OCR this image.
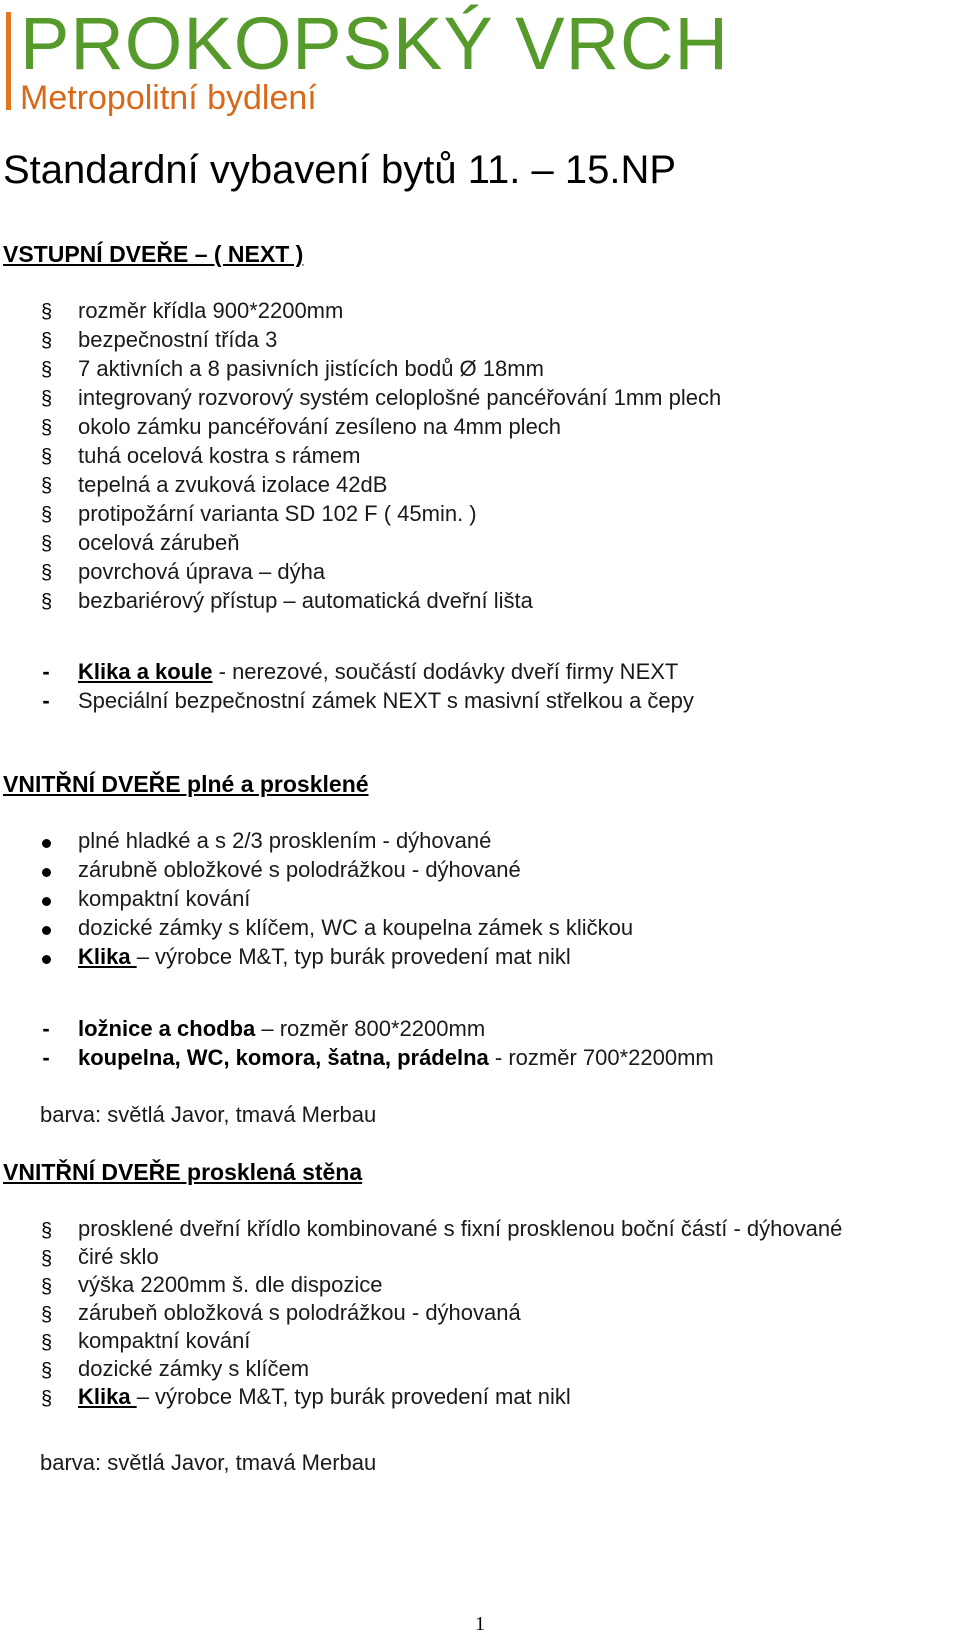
PROKOPSKÝ VRCH
Metropolitní bydlení
Standardní vybavení bytů 11. – 15.NP
VSTUPNÍ DVEŘE – ( NEXT )
§ rozměr křídla 900*2200mm
§ bezpečnostní třída 3
§ 7 aktivních a 8 pasivních jistících bodů Ø 18mm
§ integrovaný rozvorový systém celoplošné pancéřování 1mm plech
§ okolo zámku pancéřování zesíleno na 4mm plech
§ tuhá ocelová kostra s rámem
§ tepelná a zvuková izolace 42dB
§ protipožární varianta SD 102 F ( 45min. )
§ ocelová zárubeň
§ povrchová úprava – dýha
§ bezbariérový přístup – automatická dveřní lišta
- Klika a koule - nerezové, součástí dodávky dveří firmy NEXT
- Speciální bezpečnostní zámek NEXT s masivní střelkou a čepy
VNITŘNÍ DVEŘE plné a prosklené
plné hladké a s 2/3 prosklením - dýhované
zárubně obložkové s polodrážkou - dýhované
kompaktní kování
dozické zámky s klíčem, WC a koupelna zámek s kličkou
Klika – výrobce M&T, typ burák provedení mat nikl
- ložnice a chodba – rozměr 800*2200mm
- koupelna, WC, komora, šatna, prádelna - rozměr 700*2200mm
barva: světlá Javor, tmavá Merbau
VNITŘNÍ DVEŘE prosklená stěna
§ prosklené dveřní křídlo kombinované s fixní prosklenou boční částí - dýhované
§ čiré sklo
§ výška 2200mm š. dle dispozice
§ zárubeň obložková s polodrážkou - dýhovaná
§ kompaktní kování
§ dozické zámky s klíčem
§ Klika – výrobce M&T, typ burák provedení mat nikl
barva: světlá Javor, tmavá Merbau
1
